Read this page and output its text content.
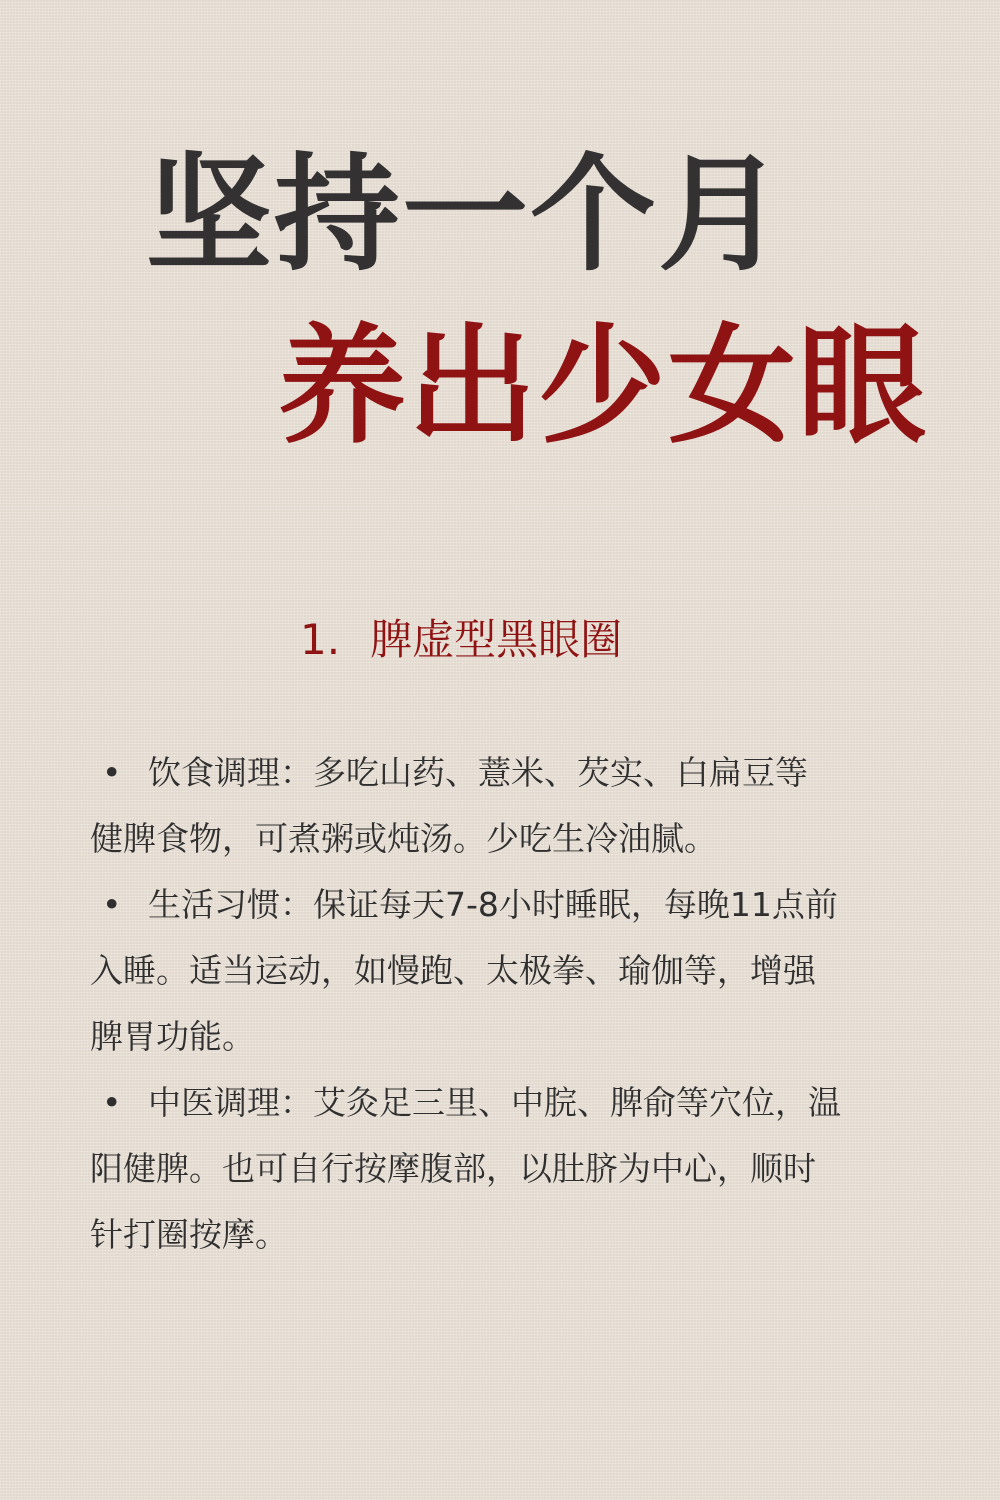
坚持一个月
养出少女眼
1. 脾虚型黑眼圈
• 饮食调理：多吃山药、薏米、芡实、白扁豆等
健脾食物，可煮粥或炖汤。少吃生冷油腻。
• 生活习惯：保证每天7-8小时睡眠，每晚11点前
入睡。适当运动，如慢跑、太极拳、瑜伽等，增强
脾胃功能。
• 中医调理：艾灸足三里、中脘、脾俞等穴位，温
阳健脾。也可自行按摩腹部，以肚脐为中心，顺时
针打圈按摩。
